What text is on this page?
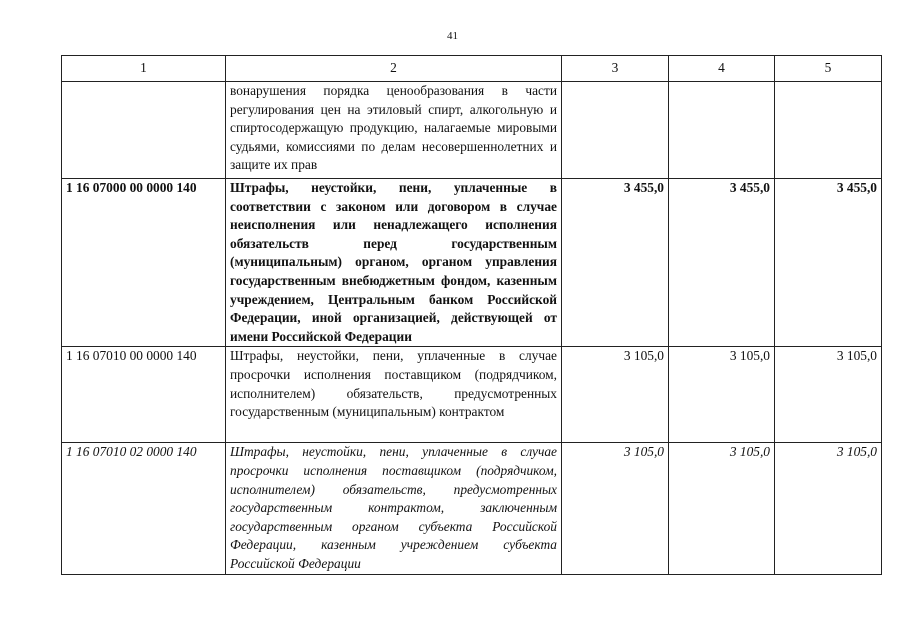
41
1	2	3	4	5
	вонарушения порядка ценообразования в части регулирования цен на этиловый спирт, алкогольную и спиртосодержащую продукцию, налагаемые мировыми судьями, комиссиями по делам несовершеннолетних и защите их прав			
1 16 07000 00 0000 140	Штрафы, неустойки, пени, уплаченные в соответствии с законом или договором в случае неисполнения или ненадлежащего исполнения обязательств перед государственным (муниципальным) органом, органом управления государственным внебюджетным фондом, казенным учреждением, Центральным банком Российской Федерации, иной организацией, действующей от имени Российской Федерации	3 455,0	3 455,0	3 455,0
1 16 07010 00 0000 140	Штрафы, неустойки, пени, уплаченные в случае просрочки исполнения поставщиком (подрядчиком, исполнителем) обязательств, предусмотренных государственным (муниципальным) контрактом	3 105,0	3 105,0	3 105,0
1 16 07010 02 0000 140	Штрафы, неустойки, пени, уплаченные в случае просрочки исполнения поставщиком (подрядчиком, исполнителем) обязательств, предусмотренных государственным контрактом, заключенным государственным органом субъекта Российской Федерации, казенным учреждением субъекта Российской Федерации	3 105,0	3 105,0	3 105,0
